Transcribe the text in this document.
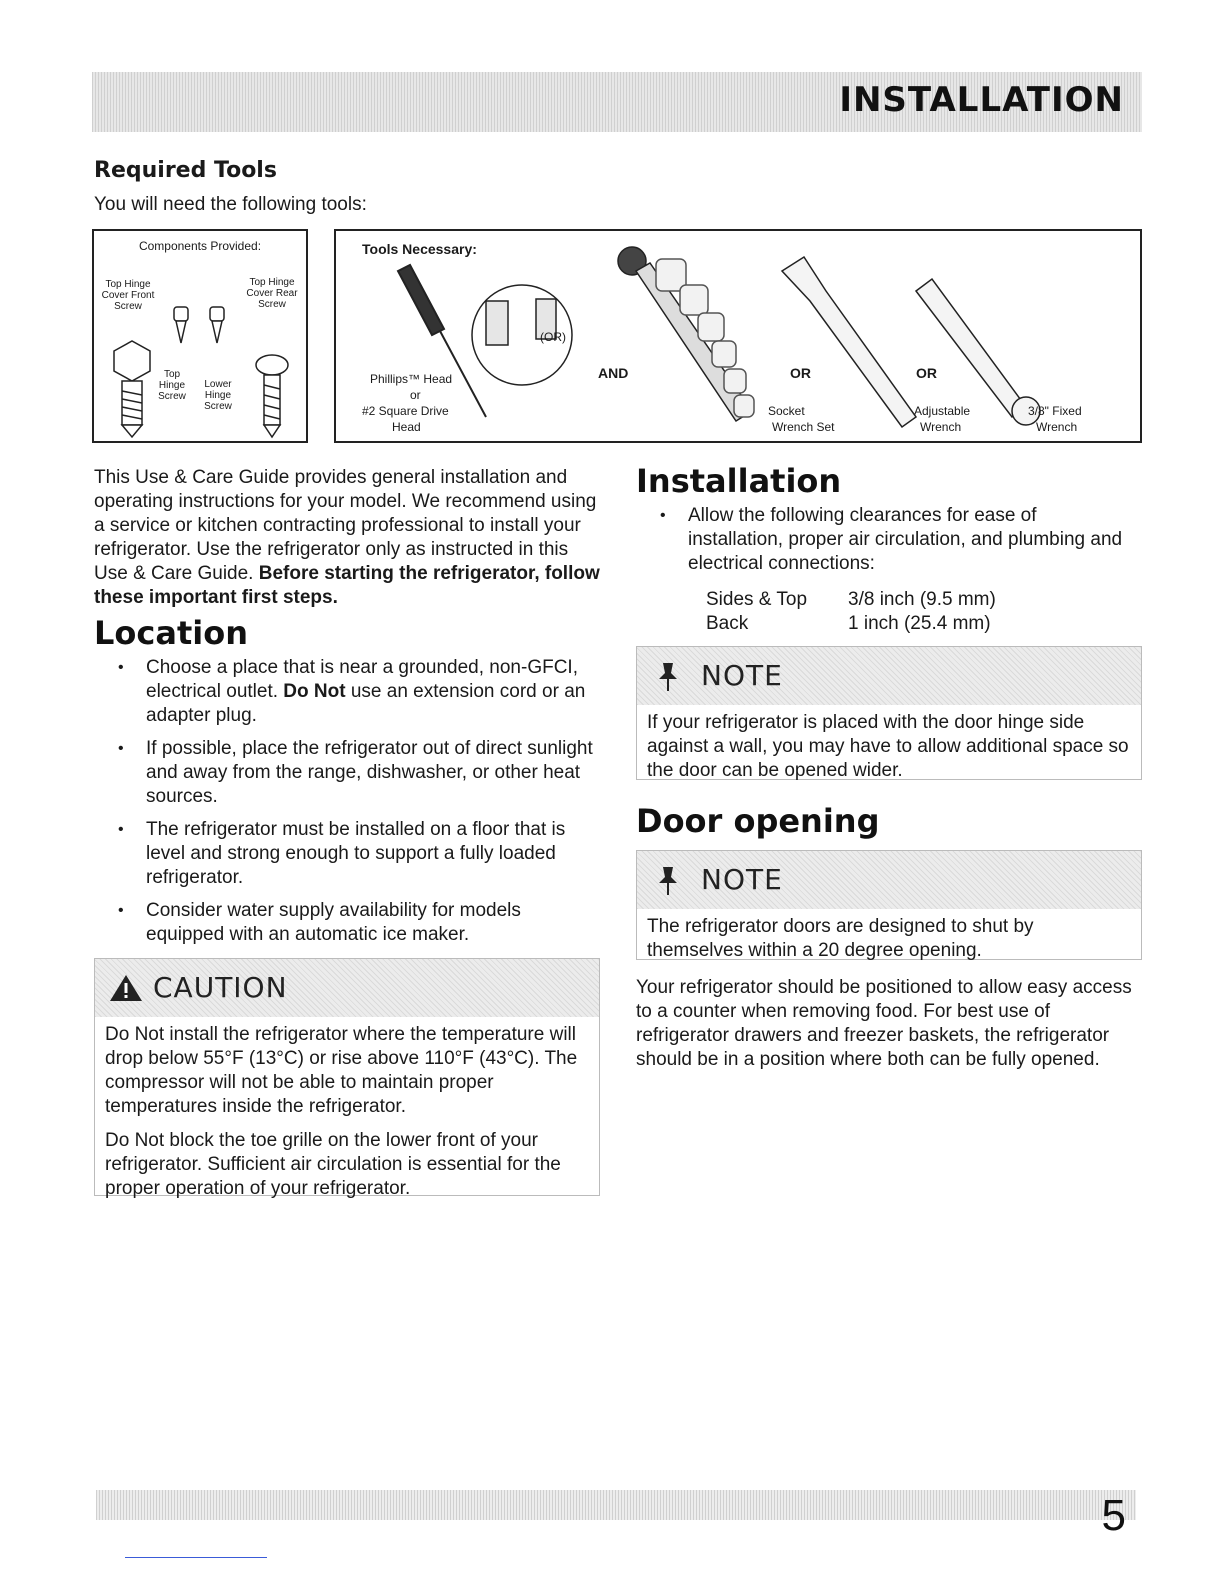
INSTALLATION
Required Tools
You will need the following tools:
Components Provided:
Top Hinge Cover Front Screw
Top Hinge Cover Rear Screw
Top Hinge Screw
Lower Hinge Screw
Tools Necessary:
(OR)
Phillips™ Head
or
#2 Square Drive
Head
AND	OR	OR
Socket
Wrench Set
Adjustable
Wrench
3/8" Fixed
Wrench
This Use & Care Guide provides general installation and operating instructions for your model. We recommend using a service or kitchen contracting professional to install your refrigerator. Use the refrigerator only as instructed in this Use & Care Guide. Before starting the refrigerator, follow these important first steps.
Location
• Choose a place that is near a grounded, non-GFCI, electrical outlet. Do Not use an extension cord or an adapter plug.
• If possible, place the refrigerator out of direct sunlight and away from the range, dishwasher, or other heat sources.
• The refrigerator must be installed on a floor that is level and strong enough to support a fully loaded refrigerator.
• Consider water supply availability for models equipped with an automatic ice maker.
CAUTION

Do Not install the refrigerator where the temperature will drop below 55°F (13°C) or rise above 110°F (43°C). The compressor will not be able to maintain proper temperatures inside the refrigerator.

Do Not block the toe grille on the lower front of your refrigerator. Sufficient air circulation is essential for the proper operation of your refrigerator.

Installation
• Allow the following clearances for ease of installation, proper air circulation, and plumbing and electrical connections:
Sides & Top 3/8 inch (9.5 mm)
Back	1 inch (25.4 mm)
NOTE

If your refrigerator is placed with the door hinge side against a wall, you may have to allow additional space so the door can be opened wider.

Door opening
NOTE

The refrigerator doors are designed to shut by themselves within a 20 degree opening.

Your refrigerator should be positioned to allow easy access to a counter when removing food. For best use of refrigerator drawers and freezer baskets, the refrigerator should be in a position where both can be fully opened.
5
